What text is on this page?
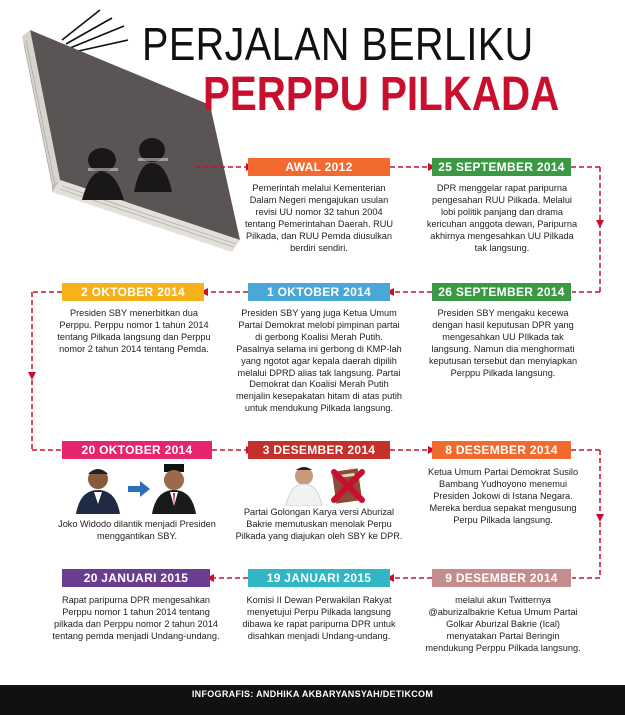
PERJALAN BERLIKU
PERPPU PILKADA
AWAL 2012
Pemerintah melalui Kementerian Dalam Negeri mengajukan usulan revisi UU nomor 32 tahun 2004 tentang Pemerintahan Daerah. RUU Pilkada, dan RUU Pemda diusulkan berdiri sendiri.
25 SEPTEMBER 2014
DPR menggelar rapat paripurna pengesahan RUU Pilkada. Melalui lobi politik panjang dan drama kericuhan anggota dewan, Paripurna akhirnya mengesahkan UU Pilkada tak langsung.
2 OKTOBER 2014
Presiden SBY menerbitkan dua Perppu. Perppu nomor 1 tahun 2014 tentang Pilkada langsung dan Perppu nomor 2 tahun 2014 tentang Pemda.
1 OKTOBER 2014
Presiden SBY yang juga Ketua Umum Partai Demokrat melobi pimpinan partai di gerbong Koalisi Merah Putih. Pasalnya selama ini gerbong di KMP-lah yang ngotot agar kepala daerah dipilih melalui DPRD alias tak langsung. Partai Demokrat dan Koalisi Merah Putih menjalin kesepakatan hitam di atas putih untuk mendukung Pilkada langsung.
26 SEPTEMBER 2014
Presiden SBY mengaku kecewa dengan hasil keputusan DPR yang mengesahkan UU PIlkada tak langsung. Namun dia menghormati keputusan tersebut dan menyiapkan Perppu Pilkada langsung.
20 OKTOBER 2014
Joko Widodo dilantik menjadi Presiden menggantikan SBY.
3 DESEMBER 2014
Partai Golongan Karya versi Aburizal Bakrie memutuskan menolak Perpu Pilkada yang diajukan oleh SBY ke DPR.
8 DESEMBER 2014
Ketua Umum Partai Demokrat Susilo Bambang Yudhoyono menemui Presiden Jokowi di Istana Negara. Mereka berdua sepakat mengusung Perpu Pilkada langsung.
20 JANUARI 2015
Rapat paripurna DPR mengesahkan Perppu nomor 1 tahun 2014 tentang pilkada dan Perppu nomor 2 tahun 2014 tentang pemda menjadi Undang-undang.
19 JANUARI 2015
Komisi II Dewan Perwakilan Rakyat menyetujui Perpu Pilkada langsung dibawa ke rapat paripurna DPR untuk disahkan menjadi Undang-undang.
9 DESEMBER 2014
melalui akun Twitternya @aburizalbakrie Ketua Umum Partai Golkar Aburizal Bakrie (Ical) menyatakan Partai Beringin mendukung Perppu Pilkada langsung.
INFOGRAFIS: ANDHIKA AKBARYANSYAH/DETIKCOM
